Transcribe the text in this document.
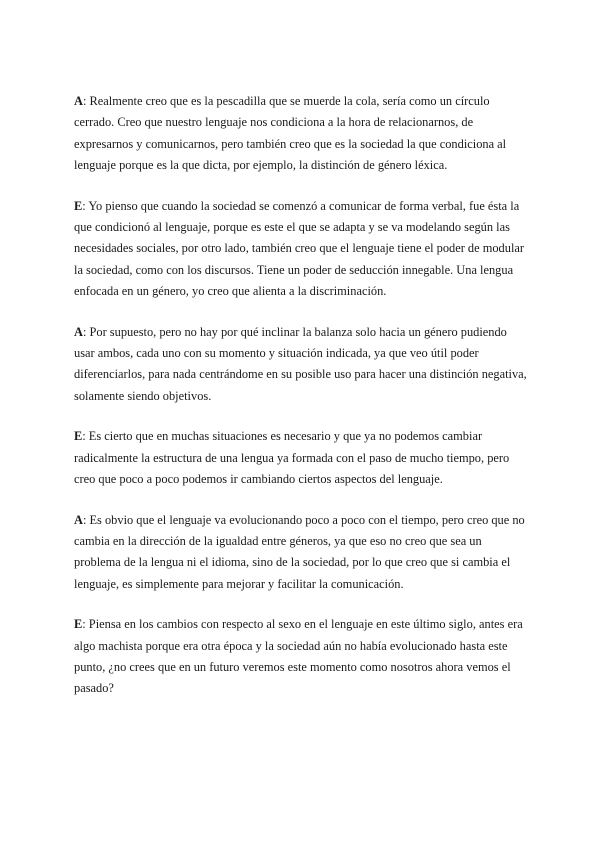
A: Realmente creo que es la pescadilla que se muerde la cola, sería como un círculo cerrado. Creo que nuestro lenguaje nos condiciona a la hora de relacionarnos, de expresarnos y comunicarnos, pero también creo que es la sociedad la que condiciona al lenguaje porque es la que dicta, por ejemplo, la distinción de género léxica.

E: Yo pienso que cuando la sociedad se comenzó a comunicar de forma verbal, fue ésta la que condicionó al lenguaje, porque es este el que se adapta y se va modelando según las necesidades sociales, por otro lado, también creo que el lenguaje tiene el poder de modular la sociedad, como con los discursos. Tiene un poder de seducción innegable. Una lengua enfocada en un género, yo creo que alienta a la discriminación.

A: Por supuesto, pero no hay por qué inclinar la balanza solo hacia un género pudiendo usar ambos, cada uno con su momento y situación indicada, ya que veo útil poder diferenciarlos, para nada centrándome en su posible uso para hacer una distinción negativa, solamente siendo objetivos.

E: Es cierto que en muchas situaciones es necesario y que ya no podemos cambiar radicalmente la estructura de una lengua ya formada con el paso de mucho tiempo, pero creo que poco a poco podemos ir cambiando ciertos aspectos del lenguaje.

A: Es obvio que el lenguaje va evolucionando poco a poco con el tiempo, pero creo que no cambia en la dirección de la igualdad entre géneros, ya que eso no creo que sea un problema de la lengua ni el idioma, sino de la sociedad, por lo que creo que si cambia el lenguaje, es simplemente para mejorar y facilitar la comunicación.

E: Piensa en los cambios con respecto al sexo en el lenguaje en este último siglo, antes era algo machista porque era otra época y la sociedad aún no había evolucionado hasta este punto, ¿no crees que en un futuro veremos este momento como nosotros ahora vemos el pasado?
